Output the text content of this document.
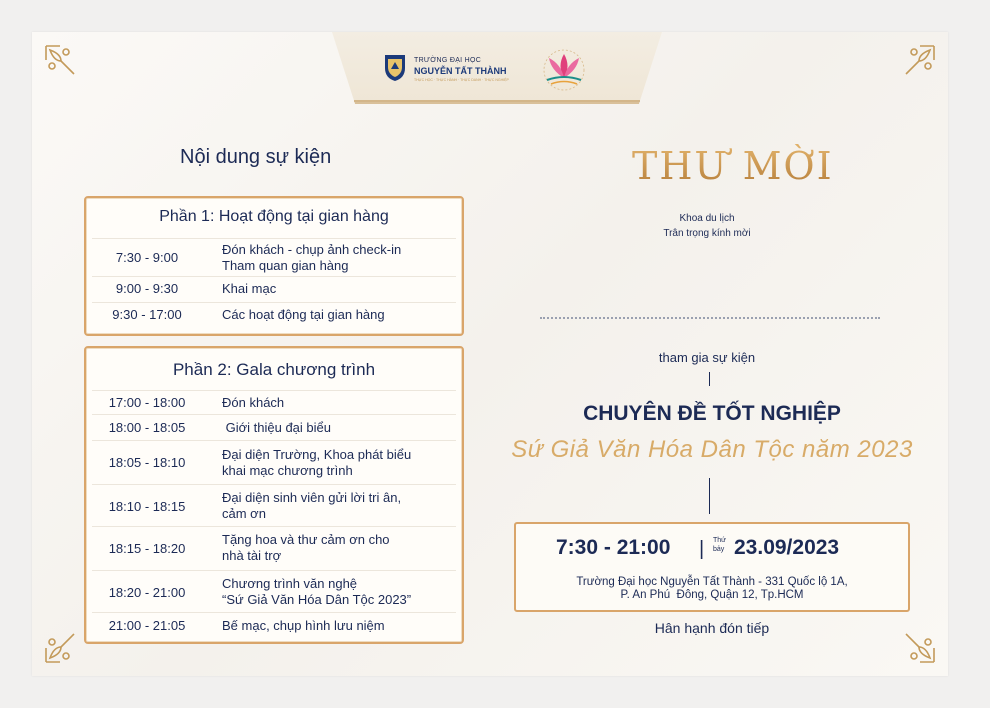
TRƯỜNG ĐẠI HỌC
NGUYỄN TẤT THÀNH
THỰC HỌC · THỰC HÀNH · THỰC DANH · THỰC NGHIỆP
Nội dung sự kiện
Phần 1: Hoạt động tại gian hàng
7:30 - 9:00
Đón khách - chụp ảnh check-in
Tham quan gian hàng
9:00 - 9:30	Khai mạc
9:30 - 17:00	Các hoạt động tại gian hàng
Phần 2: Gala chương trình
17:00 - 18:00	Đón khách
18:00 - 18:05	Giới thiệu đại biểu
18:05 - 18:10
Đại diện Trường, Khoa phát biểu
khai mạc chương trình
18:10 - 18:15
Đại diện sinh viên gửi lời tri ân,
cảm ơn
18:15 - 18:20
Tặng hoa và thư cảm ơn cho
nhà tài trợ
18:20 - 21:00
Chương trình văn nghệ
“Sứ Giả Văn Hóa Dân Tộc 2023”
21:00 - 21:05	Bế mạc, chụp hình lưu niệm
THƯ MỜI
Khoa du lịch
Trân trọng kính mời
tham gia sự kiện
CHUYÊN ĐỀ TỐT NGHIỆP
Sứ Giả Văn Hóa Dân Tộc năm 2023
7:30 - 21:00 | Thứ bảy 23.09/2023
Trường Đại học Nguyễn Tất Thành - 331 Quốc lộ 1A,
P. An Phú  Đông, Quận 12, Tp.HCM
Hân hạnh đón tiếp
